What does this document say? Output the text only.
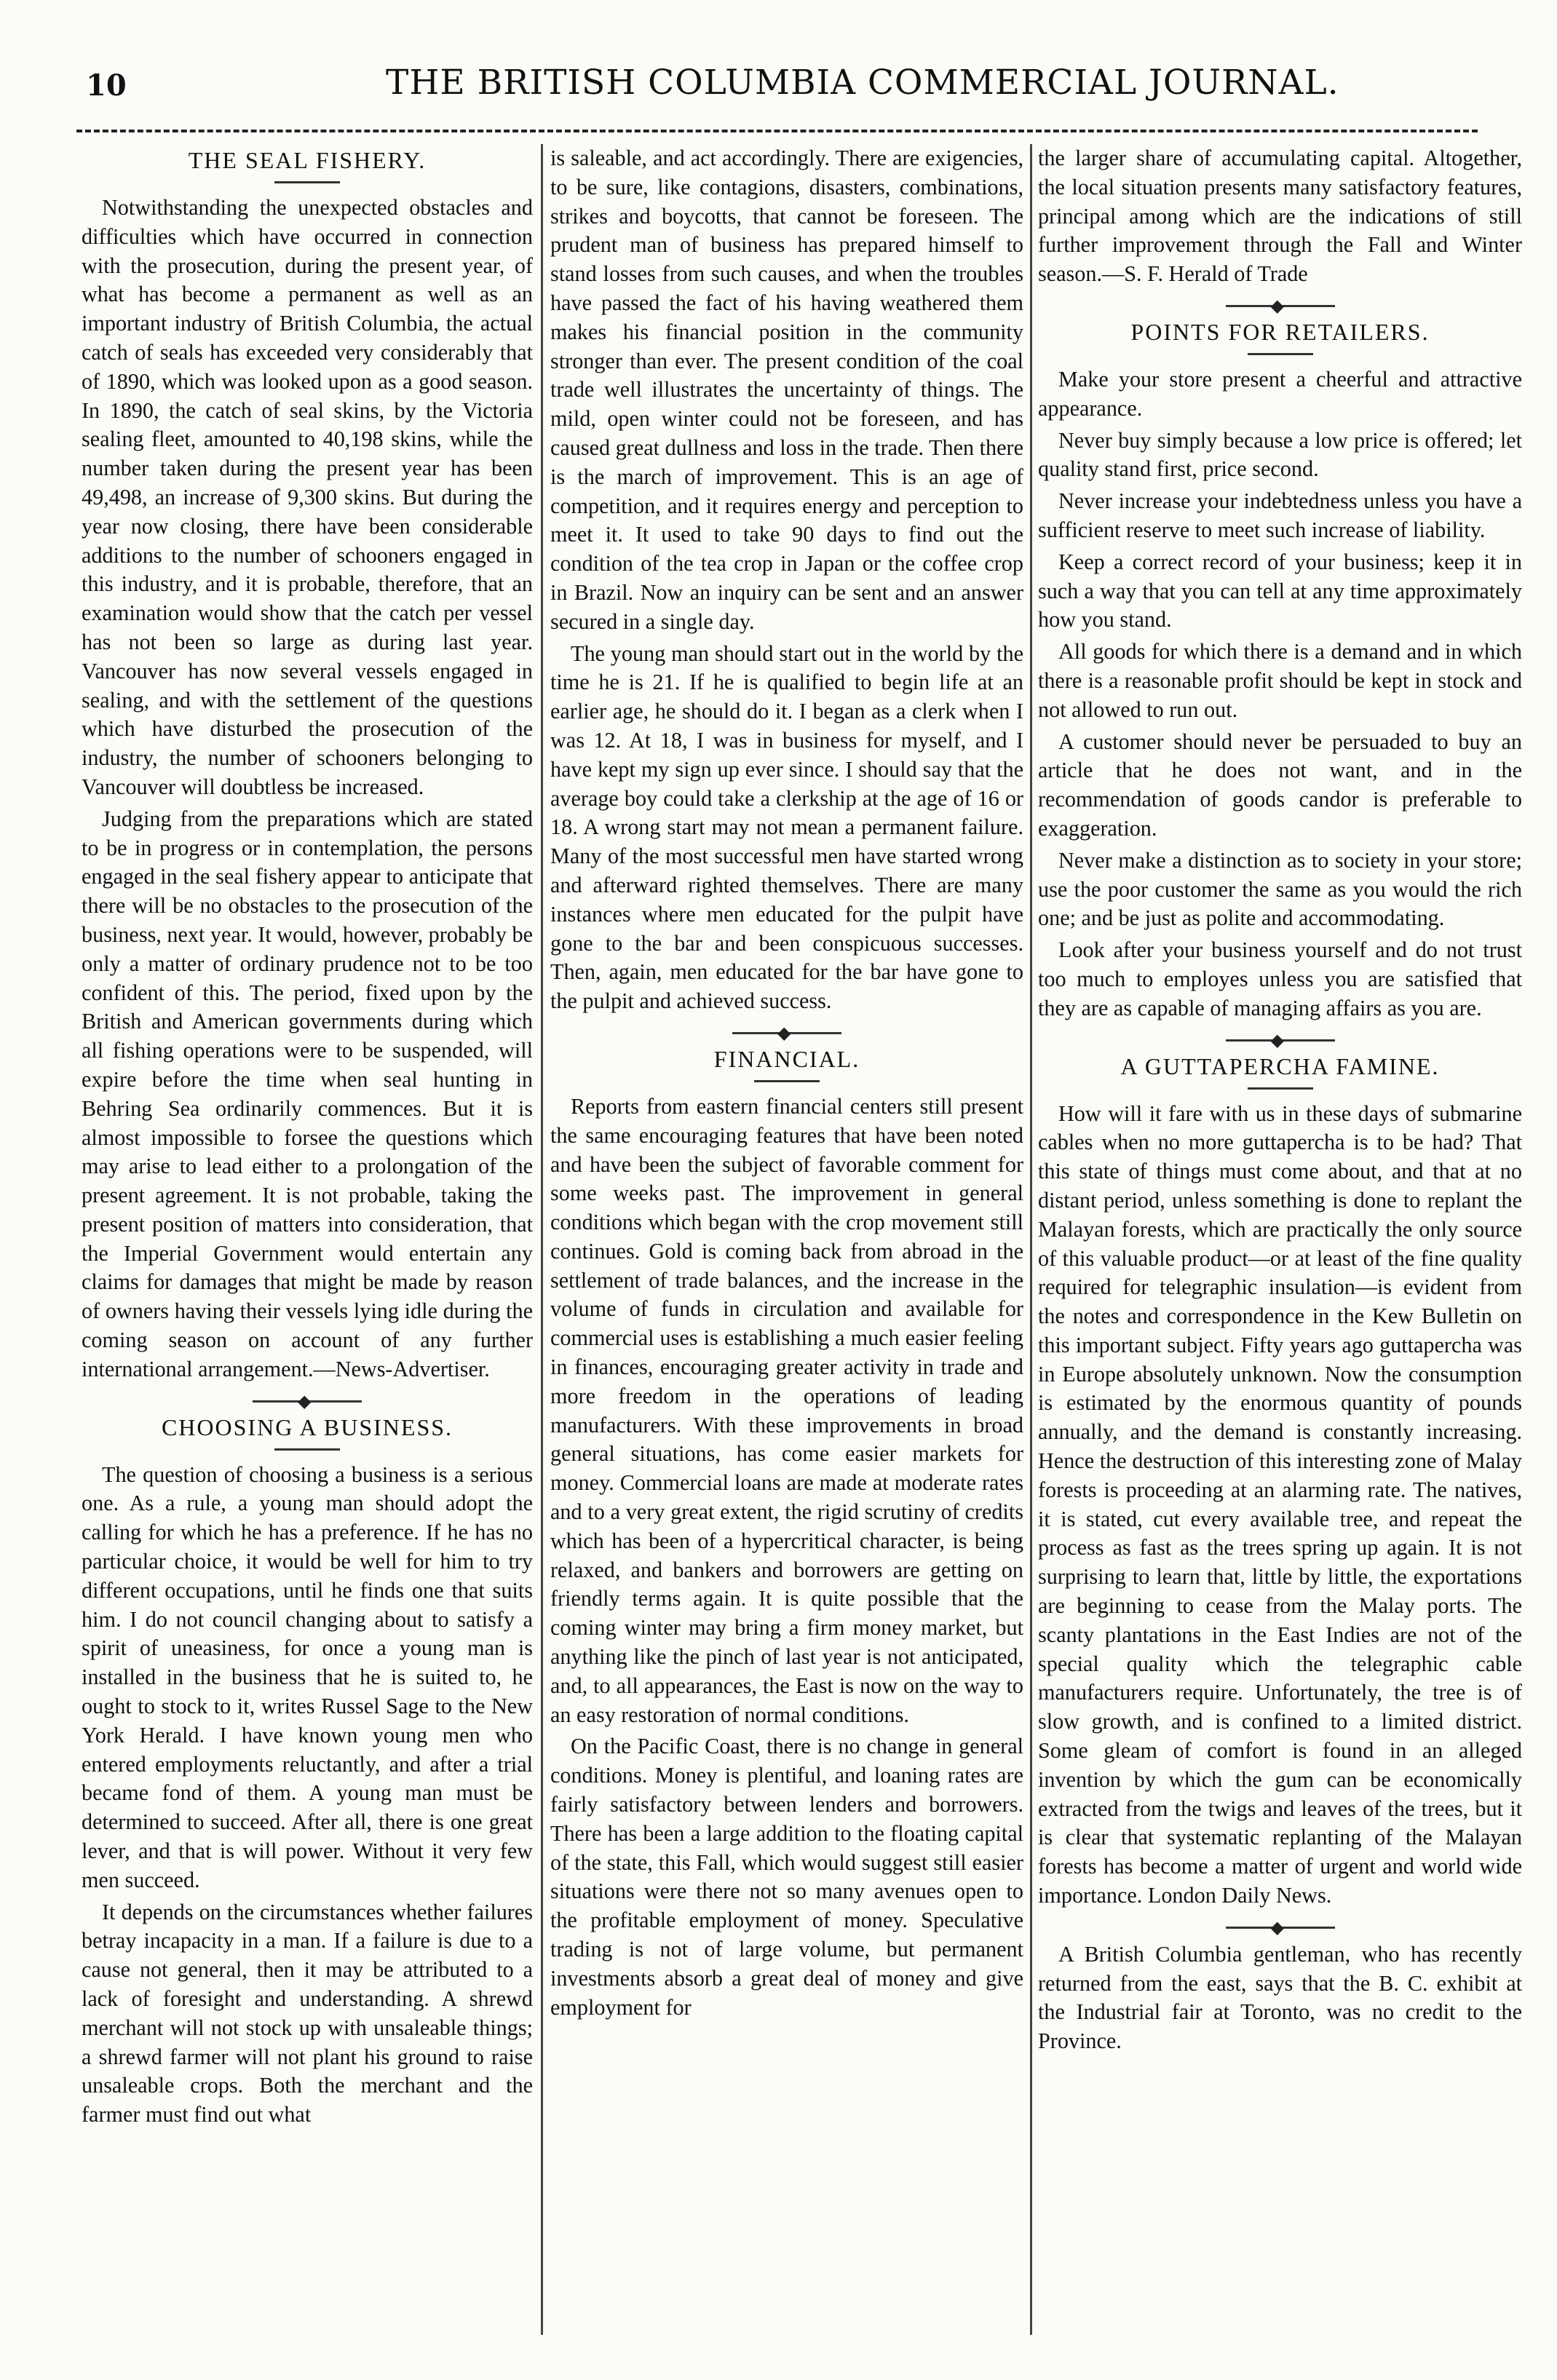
10	THE BRITISH COLUMBIA COMMERCIAL JOURNAL.
THE SEAL FISHERY.

Notwithstanding the unexpected obstacles and difficulties which have occurred in connection with the prosecution, during the present year, of what has become a permanent as well as an important industry of British Columbia, the actual catch of seals has exceeded very considerably that of 1890, which was looked upon as a good season. In 1890, the catch of seal skins, by the Victoria sealing fleet, amounted to 40,198 skins, while the number taken during the present year has been 49,498, an increase of 9,300 skins. But during the year now closing, there have been considerable additions to the number of schooners engaged in this industry, and it is probable, therefore, that an examination would show that the catch per vessel has not been so large as during last year. Vancouver has now several vessels engaged in sealing, and with the settlement of the questions which have disturbed the prosecution of the industry, the number of schooners belonging to Vancouver will doubtless be increased.

Judging from the preparations which are stated to be in progress or in contemplation, the persons engaged in the seal fishery appear to anticipate that there will be no obstacles to the prosecution of the business, next year. It would, however, probably be only a matter of ordinary prudence not to be too confident of this. The period, fixed upon by the British and American governments during which all fishing operations were to be suspended, will expire before the time when seal hunting in Behring Sea ordinarily commences. But it is almost impossible to forsee the questions which may arise to lead either to a prolongation of the present agreement. It is not probable, taking the present position of matters into consideration, that the Imperial Government would entertain any claims for damages that might be made by reason of owners having their vessels lying idle during the coming season on account of any further international arrangement.—News-Advertiser.

◆
CHOOSING A BUSINESS.

The question of choosing a business is a serious one. As a rule, a young man should adopt the calling for which he has a preference. If he has no particular choice, it would be well for him to try different occupations, until he finds one that suits him. I do not council changing about to satisfy a spirit of uneasiness, for once a young man is installed in the business that he is suited to, he ought to stock to it, writes Russel Sage to the New York Herald. I have known young men who entered employments reluctantly, and after a trial became fond of them. A young man must be determined to succeed. After all, there is one great lever, and that is will power. Without it very few men succeed.

It depends on the circumstances whether failures betray incapacity in a man. If a failure is due to a cause not general, then it may be attributed to a lack of foresight and understanding. A shrewd merchant will not stock up with unsaleable things; a shrewd farmer will not plant his ground to raise unsaleable crops. Both the merchant and the farmer must find out what

is saleable, and act accordingly. There are exigencies, to be sure, like contagions, disasters, combinations, strikes and boycotts, that cannot be foreseen. The prudent man of business has prepared himself to stand losses from such causes, and when the troubles have passed the fact of his having weathered them makes his financial position in the community stronger than ever. The present condition of the coal trade well illustrates the uncertainty of things. The mild, open winter could not be foreseen, and has caused great dullness and loss in the trade. Then there is the march of improvement. This is an age of competition, and it requires energy and perception to meet it. It used to take 90 days to find out the condition of the tea crop in Japan or the coffee crop in Brazil. Now an inquiry can be sent and an answer secured in a single day.

The young man should start out in the world by the time he is 21. If he is qualified to begin life at an earlier age, he should do it. I began as a clerk when I was 12. At 18, I was in business for myself, and I have kept my sign up ever since. I should say that the average boy could take a clerkship at the age of 16 or 18. A wrong start may not mean a permanent failure. Many of the most successful men have started wrong and afterward righted themselves. There are many instances where men educated for the pulpit have gone to the bar and been conspicuous successes. Then, again, men educated for the bar have gone to the pulpit and achieved success.

◆
FINANCIAL.

Reports from eastern financial centers still present the same encouraging features that have been noted and have been the subject of favorable comment for some weeks past. The improvement in general conditions which began with the crop movement still continues. Gold is coming back from abroad in the settlement of trade balances, and the increase in the volume of funds in circulation and available for commercial uses is establishing a much easier feeling in finances, encouraging greater activity in trade and more freedom in the operations of leading manufacturers. With these improvements in broad general situations, has come easier markets for money. Commercial loans are made at moderate rates and to a very great extent, the rigid scrutiny of credits which has been of a hypercritical character, is being relaxed, and bankers and borrowers are getting on friendly terms again. It is quite possible that the coming winter may bring a firm money market, but anything like the pinch of last year is not anticipated, and, to all appearances, the East is now on the way to an easy restoration of normal conditions.

On the Pacific Coast, there is no change in general conditions. Money is plentiful, and loaning rates are fairly satisfactory between lenders and borrowers. There has been a large addition to the floating capital of the state, this Fall, which would suggest still easier situations were there not so many avenues open to the profitable employment of money. Speculative trading is not of large volume, but permanent investments absorb a great deal of money and give employment for

the larger share of accumulating capital. Altogether, the local situation presents many satisfactory features, principal among which are the indications of still further improvement through the Fall and Winter season.—S. F. Herald of Trade

◆
POINTS FOR RETAILERS.

Make your store present a cheerful and attractive appearance.

Never buy simply because a low price is offered; let quality stand first, price second.

Never increase your indebtedness unless you have a sufficient reserve to meet such increase of liability.

Keep a correct record of your business; keep it in such a way that you can tell at any time approximately how you stand.

All goods for which there is a demand and in which there is a reasonable profit should be kept in stock and not allowed to run out.

A customer should never be persuaded to buy an article that he does not want, and in the recommendation of goods candor is preferable to exaggeration.

Never make a distinction as to society in your store; use the poor customer the same as you would the rich one; and be just as polite and accommodating.

Look after your business yourself and do not trust too much to employes unless you are satisfied that they are as capable of managing affairs as you are.

◆
A GUTTAPERCHA FAMINE.

How will it fare with us in these days of submarine cables when no more guttapercha is to be had? That this state of things must come about, and that at no distant period, unless something is done to replant the Malayan forests, which are practically the only source of this valuable product—or at least of the fine quality required for telegraphic insulation—is evident from the notes and correspondence in the Kew Bulletin on this important subject. Fifty years ago guttapercha was in Europe absolutely unknown. Now the consumption is estimated by the enormous quantity of pounds annually, and the demand is constantly increasing. Hence the destruction of this interesting zone of Malay forests is proceeding at an alarming rate. The natives, it is stated, cut every available tree, and repeat the process as fast as the trees spring up again. It is not surprising to learn that, little by little, the exportations are beginning to cease from the Malay ports. The scanty plantations in the East Indies are not of the special quality which the telegraphic cable manufacturers require. Unfortunately, the tree is of slow growth, and is confined to a limited district. Some gleam of comfort is found in an alleged invention by which the gum can be economically extracted from the twigs and leaves of the trees, but it is clear that systematic replanting of the Malayan forests has become a matter of urgent and world wide importance. London Daily News.

◆

A British Columbia gentleman, who has recently returned from the east, says that the B. C. exhibit at the Industrial fair at Toronto, was no credit to the Province.
